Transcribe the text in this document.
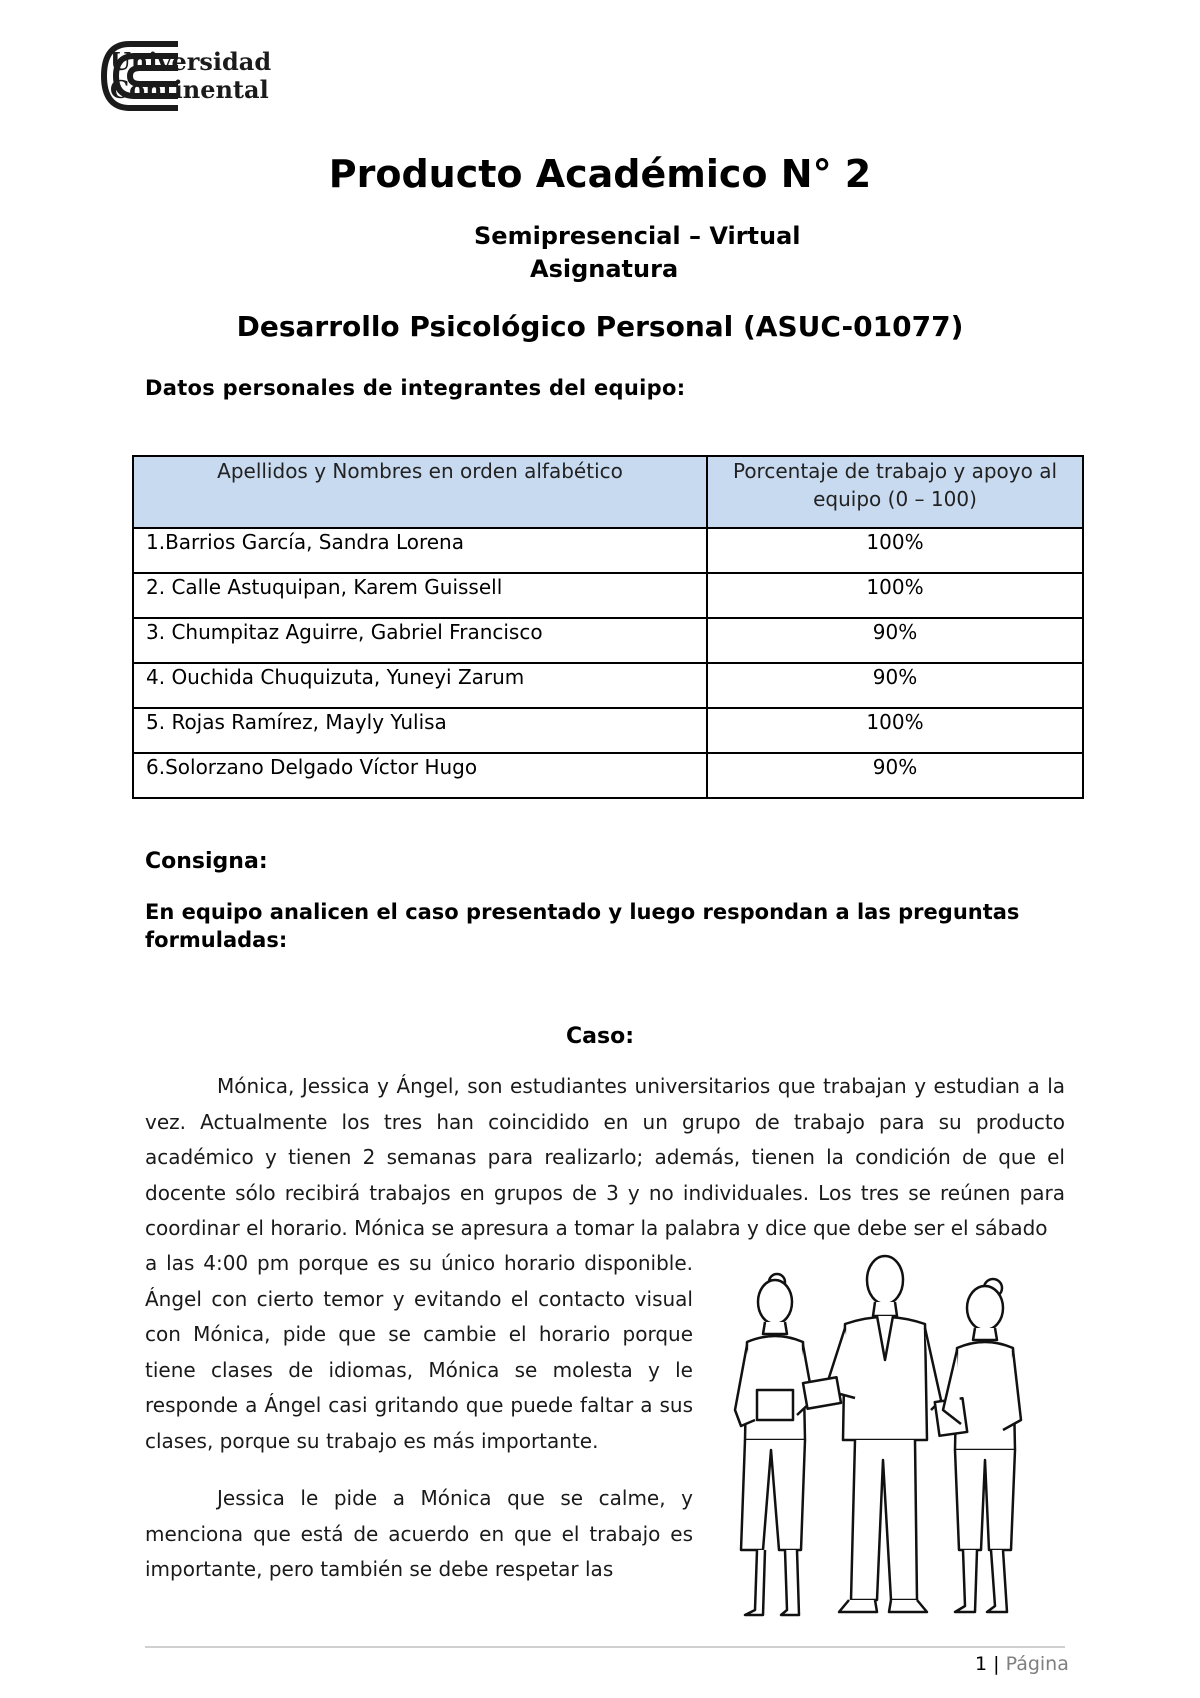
Universidad
Continental
Producto Académico N° 2
Semipresencial – Virtual
Asignatura
Desarrollo Psicológico Personal (ASUC-01077)
Datos personales de integrantes del equipo:
Apellidos y Nombres en orden alfabético	Porcentaje de trabajo y apoyo al equipo (0 – 100)
1.Barrios García, Sandra Lorena	100%
2. Calle Astuquipan, Karem Guissell	100%
3. Chumpitaz Aguirre, Gabriel Francisco	90%
4. Ouchida Chuquizuta, Yuneyi Zarum	90%
5. Rojas Ramírez, Mayly Yulisa	100%
6.Solorzano Delgado Víctor Hugo	90%
Consigna:
En equipo analicen el caso presentado y luego respondan a las preguntas formuladas:
Caso:
Mónica, Jessica y Ángel, son estudiantes universitarios que trabajan y estudian a la vez. Actualmente los tres han coincidido en un grupo de trabajo para su producto académico y tienen 2 semanas para realizarlo; además, tienen la condición de que el docente sólo recibirá trabajos en grupos de 3 y no individuales. Los tres se reúnen para coordinar el horario. Mónica se apresura a tomar la palabra y dice que debe ser el sábado
a las 4:00 pm porque es su único horario disponible. Ángel con cierto temor y evitando el contacto visual con Mónica, pide que se cambie el horario porque tiene clases de idiomas, Mónica se molesta y le responde a Ángel casi gritando que puede faltar a sus clases, porque su trabajo es más importante.
Jessica le pide a Mónica que se calme, y menciona que está de acuerdo en que el trabajo es importante, pero también se debe respetar las
1 | Página
